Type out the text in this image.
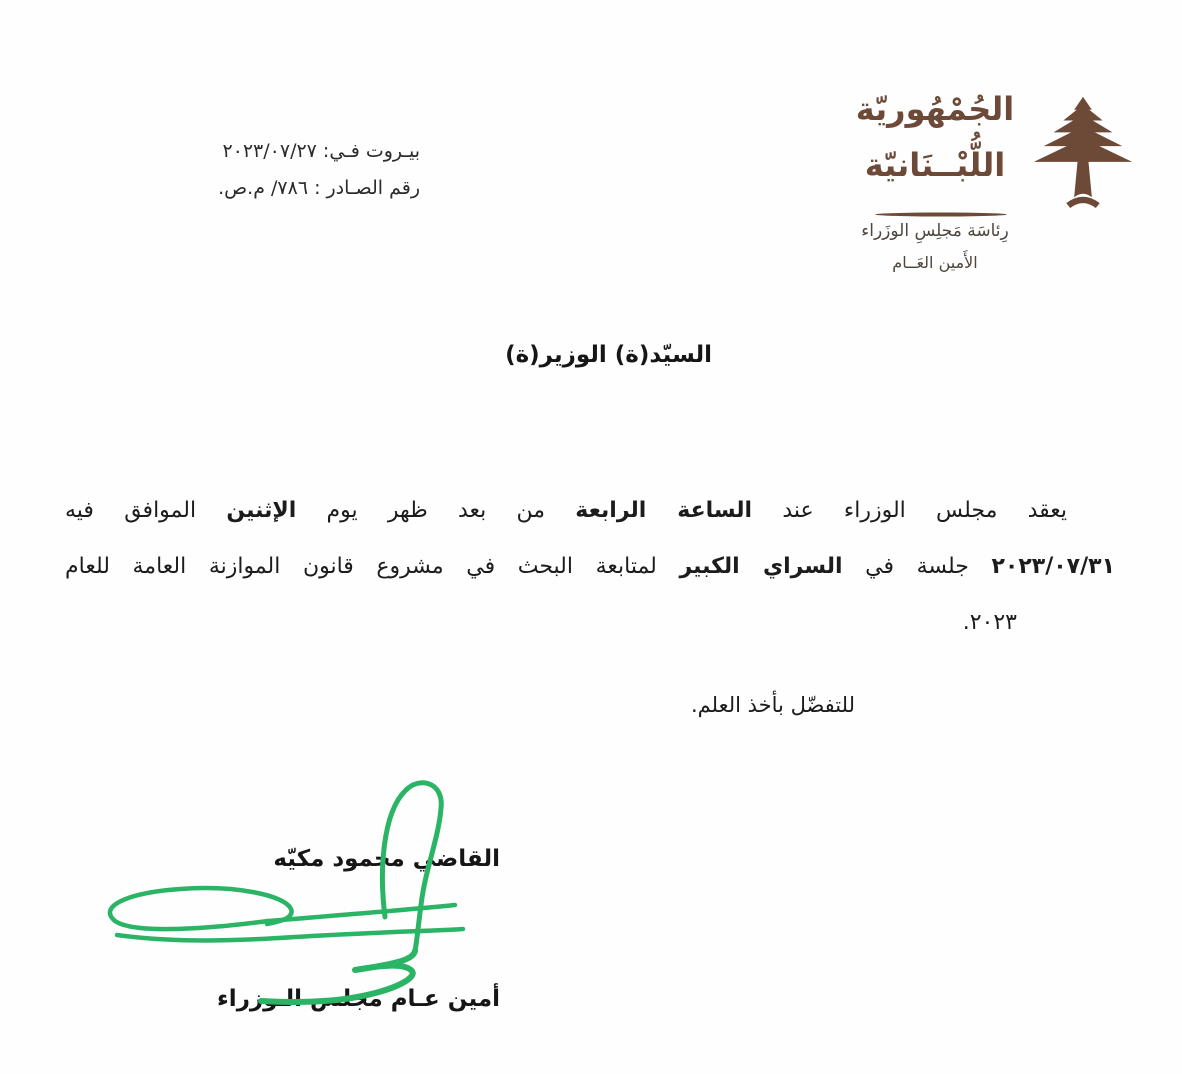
الجُمْهُوريّة
اللُّبْــنَانيّة
رِئاسَة مَجلِسِ الوزَراء
الأَمين العَــام
بيـروت فـي: ٢٠٢٣/٠٧/٢٧
رقم الصـادر : ٧٨٦/ م.ص.
السيّد(ة) الوزير(ة)
يعقد مجلس الوزراء عند الساعة الرابعة من بعد ظهر يوم الإثنين الموافق فيه
٢٠٢٣/٠٧/٣١ جلسة في السراي الكبير لمتابعة البحث في مشروع قانون الموازنة العامة للعام
٢٠٢٣.
للتفضّل بأخذ العلم.
القاضي محمود مكيّه
أمين عـام مجلس الـوزراء
